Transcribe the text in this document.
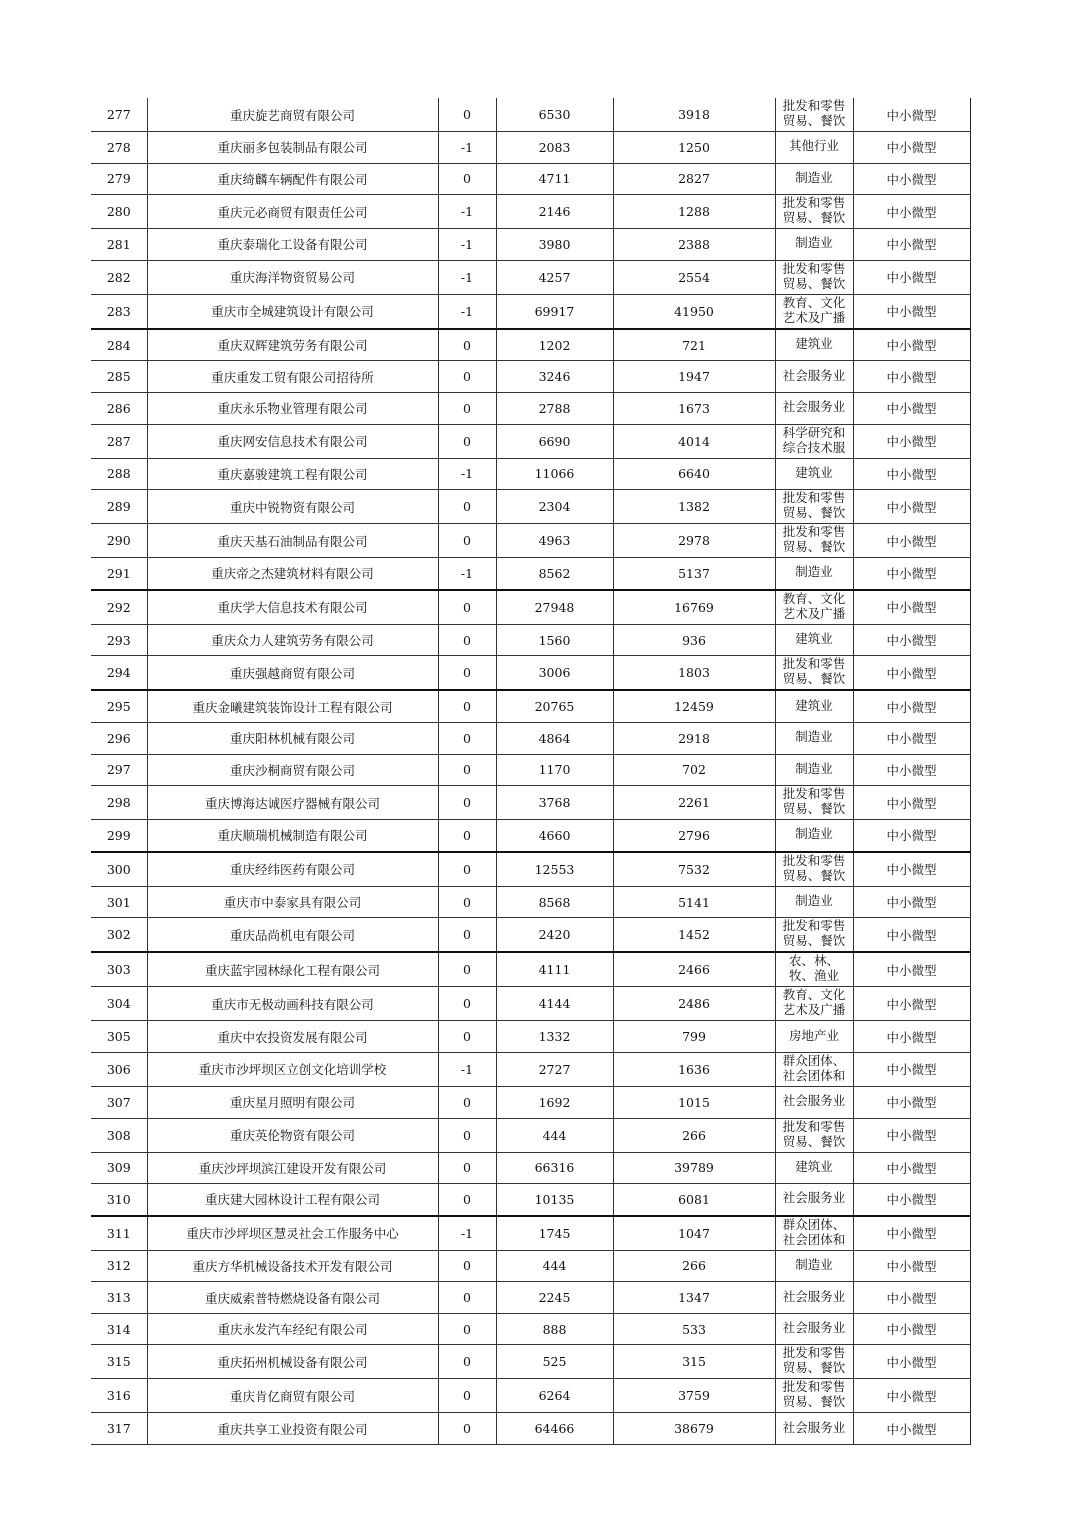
277	重庆旋艺商贸有限公司	0	6530	3918	批发和零售贸易、餐饮	中小微型
278	重庆丽多包装制品有限公司	-1	2083	1250	其他行业	中小微型
279	重庆绮麟车辆配件有限公司	0	4711	2827	制造业	中小微型
280	重庆元必商贸有限责任公司	-1	2146	1288	批发和零售贸易、餐饮	中小微型
281	重庆泰瑞化工设备有限公司	-1	3980	2388	制造业	中小微型
282	重庆海洋物资贸易公司	-1	4257	2554	批发和零售贸易、餐饮	中小微型
283	重庆市全城建筑设计有限公司	-1	69917	41950	教育、文化艺术及广播	中小微型
284	重庆双辉建筑劳务有限公司	0	1202	721	建筑业	中小微型
285	重庆重发工贸有限公司招待所	0	3246	1947	社会服务业	中小微型
286	重庆永乐物业管理有限公司	0	2788	1673	社会服务业	中小微型
287	重庆网安信息技术有限公司	0	6690	4014	科学研究和综合技术服	中小微型
288	重庆嘉骏建筑工程有限公司	-1	11066	6640	建筑业	中小微型
289	重庆中锐物资有限公司	0	2304	1382	批发和零售贸易、餐饮	中小微型
290	重庆天基石油制品有限公司	0	4963	2978	批发和零售贸易、餐饮	中小微型
291	重庆帝之杰建筑材料有限公司	-1	8562	5137	制造业	中小微型
292	重庆学大信息技术有限公司	0	27948	16769	教育、文化艺术及广播	中小微型
293	重庆众力人建筑劳务有限公司	0	1560	936	建筑业	中小微型
294	重庆强越商贸有限公司	0	3006	1803	批发和零售贸易、餐饮	中小微型
295	重庆金曦建筑装饰设计工程有限公司	0	20765	12459	建筑业	中小微型
296	重庆阳林机械有限公司	0	4864	2918	制造业	中小微型
297	重庆沙桐商贸有限公司	0	1170	702	制造业	中小微型
298	重庆博海达诚医疗器械有限公司	0	3768	2261	批发和零售贸易、餐饮	中小微型
299	重庆顺瑞机械制造有限公司	0	4660	2796	制造业	中小微型
300	重庆经纬医药有限公司	0	12553	7532	批发和零售贸易、餐饮	中小微型
301	重庆市中泰家具有限公司	0	8568	5141	制造业	中小微型
302	重庆品尚机电有限公司	0	2420	1452	批发和零售贸易、餐饮	中小微型
303	重庆蓝宇园林绿化工程有限公司	0	4111	2466	农、林、牧、渔业	中小微型
304	重庆市无极动画科技有限公司	0	4144	2486	教育、文化艺术及广播	中小微型
305	重庆中农投资发展有限公司	0	1332	799	房地产业	中小微型
306	重庆市沙坪坝区立创文化培训学校	-1	2727	1636	群众团体、社会团体和	中小微型
307	重庆星月照明有限公司	0	1692	1015	社会服务业	中小微型
308	重庆英伦物资有限公司	0	444	266	批发和零售贸易、餐饮	中小微型
309	重庆沙坪坝滨江建设开发有限公司	0	66316	39789	建筑业	中小微型
310	重庆建大园林设计工程有限公司	0	10135	6081	社会服务业	中小微型
311	重庆市沙坪坝区慧灵社会工作服务中心	-1	1745	1047	群众团体、社会团体和	中小微型
312	重庆方华机械设备技术开发有限公司	0	444	266	制造业	中小微型
313	重庆威索普特燃烧设备有限公司	0	2245	1347	社会服务业	中小微型
314	重庆永发汽车经纪有限公司	0	888	533	社会服务业	中小微型
315	重庆拓州机械设备有限公司	0	525	315	批发和零售贸易、餐饮	中小微型
316	重庆肯亿商贸有限公司	0	6264	3759	批发和零售贸易、餐饮	中小微型
317	重庆共享工业投资有限公司	0	64466	38679	社会服务业	中小微型
